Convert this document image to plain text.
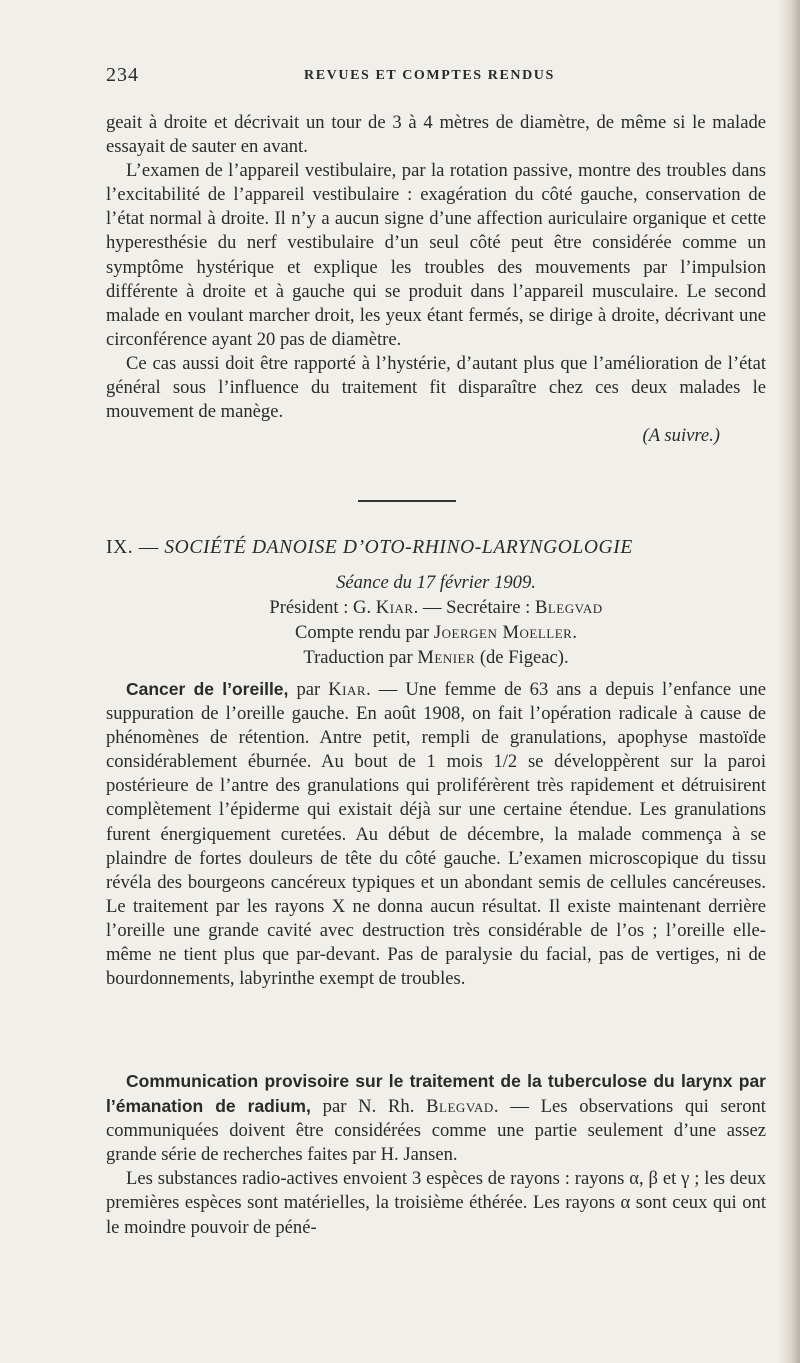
234	REVUES ET COMPTES RENDUS

geait à droite et décrivait un tour de 3 à 4 mètres de diamètre, de même si le malade essayait de sauter en avant.

L’examen de l’appareil vestibulaire, par la rotation passive, montre des troubles dans l’excitabilité de l’appareil vestibulaire : exagération du côté gauche, conservation de l’état normal à droite. Il n’y a aucun signe d’une affection auriculaire organique et cette hyperesthésie du nerf vestibulaire d’un seul côté peut être considérée comme un symptôme hystérique et explique les troubles des mouvements par l’impulsion différente à droite et à gauche qui se produit dans l’appareil musculaire. Le second malade en voulant marcher droit, les yeux étant fermés, se dirige à droite, décrivant une circonférence ayant 20 pas de diamètre.

Ce cas aussi doit être rapporté à l’hystérie, d’autant plus que l’amélioration de l’état général sous l’influence du traitement fit disparaître chez ces deux malades le mouvement de manège.

(A suivre.)

IX. — SOCIÉTÉ DANOISE D’OTO-RHINO-LARYNGOLOGIE
Séance du 17 février 1909.
Président : G. Kiar. — Secrétaire : Blegvad
Compte rendu par Joergen Moeller.
Traduction par Menier (de Figeac).

Cancer de l’oreille, par Kiar. — Une femme de 63 ans a depuis l’enfance une suppuration de l’oreille gauche. En août 1908, on fait l’opération radicale à cause de phénomènes de rétention. Antre petit, rempli de granulations, apophyse mastoïde considérablement éburnée. Au bout de 1 mois 1/2 se développèrent sur la paroi postérieure de l’antre des granulations qui proliférèrent très rapidement et détruisirent complètement l’épiderme qui existait déjà sur une certaine étendue. Les granulations furent énergiquement curetées. Au début de décembre, la malade commença à se plaindre de fortes douleurs de tête du côté gauche. L’examen microscopique du tissu révéla des bourgeons cancéreux typiques et un abondant semis de cellules cancéreuses. Le traitement par les rayons X ne donna aucun résultat. Il existe maintenant derrière l’oreille une grande cavité avec destruction très considérable de l’os ; l’oreille elle-même ne tient plus que par-devant. Pas de paralysie du facial, pas de vertiges, ni de bourdonnements, labyrinthe exempt de troubles.

Communication provisoire sur le traitement de la tuberculose du larynx par l’émanation de radium, par N. Rh. Blegvad. — Les observations qui seront communiquées doivent être considérées comme une partie seulement d’une assez grande série de recherches faites par H. Jansen.

Les substances radio-actives envoient 3 espèces de rayons : rayons α, β et γ ; les deux premières espèces sont matérielles, la troisième éthérée. Les rayons α sont ceux qui ont le moindre pouvoir de péné-
